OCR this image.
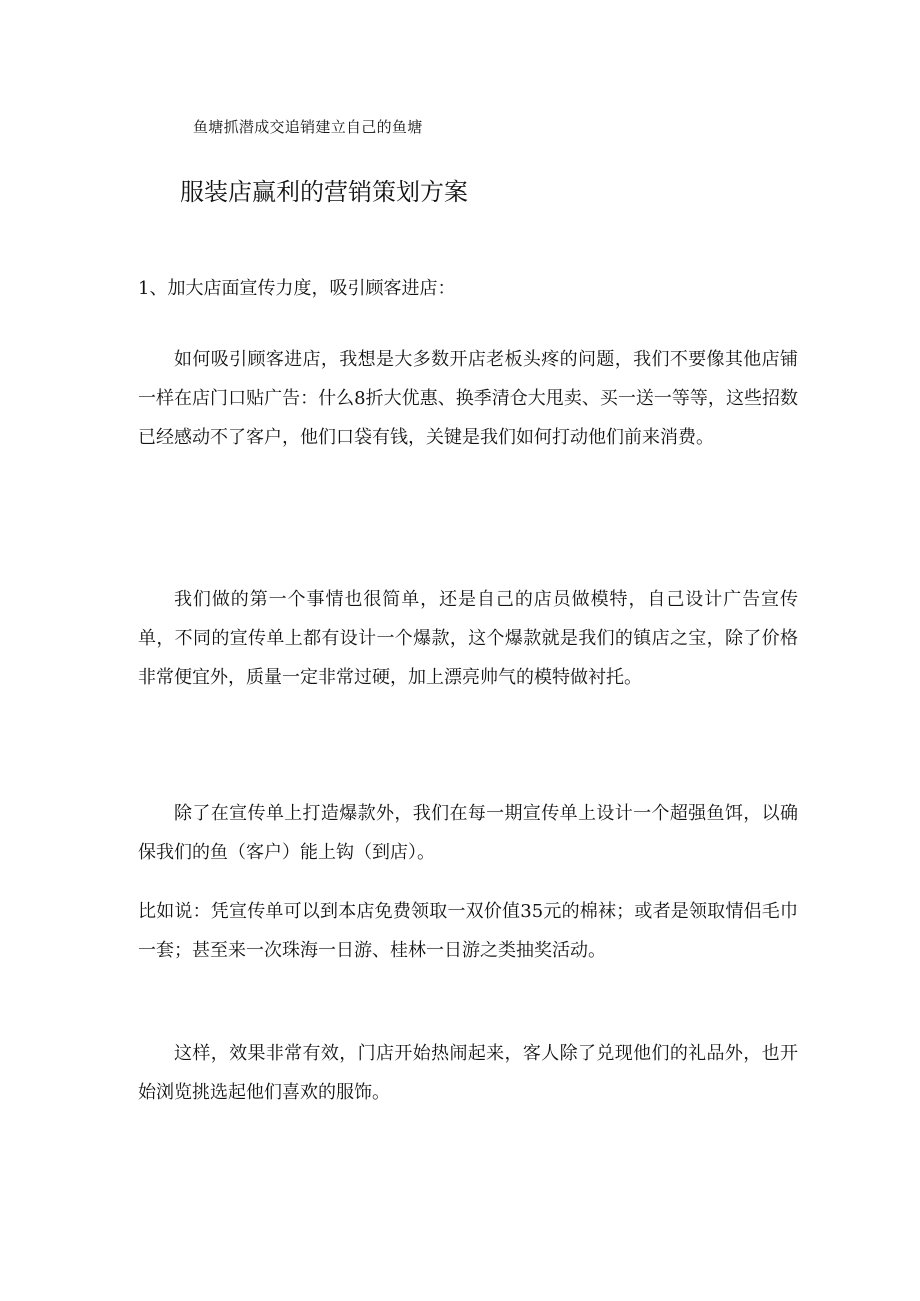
鱼塘抓潜成交追销建立自己的鱼塘
服装店赢利的营销策划方案
1、加大店面宣传力度，吸引顾客进店：

如何吸引顾客进店，我想是大多数开店老板头疼的问题，我们不要像其他店铺一样在店门口贴广告：什么8折大优惠、换季清仓大甩卖、买一送一等等，这些招数已经感动不了客户，他们口袋有钱，关键是我们如何打动他们前来消费。

我们做的第一个事情也很简单，还是自己的店员做模特，自己设计广告宣传单，不同的宣传单上都有设计一个爆款，这个爆款就是我们的镇店之宝，除了价格非常便宜外，质量一定非常过硬，加上漂亮帅气的模特做衬托。

除了在宣传单上打造爆款外，我们在每一期宣传单上设计一个超强鱼饵，以确保我们的鱼（客户）能上钩（到店）。

比如说：凭宣传单可以到本店免费领取一双价值35元的棉袜；或者是领取情侣毛巾一套；甚至来一次珠海一日游、桂林一日游之类抽奖活动。

这样，效果非常有效，门店开始热闹起来，客人除了兑现他们的礼品外，也开始浏览挑选起他们喜欢的服饰。
